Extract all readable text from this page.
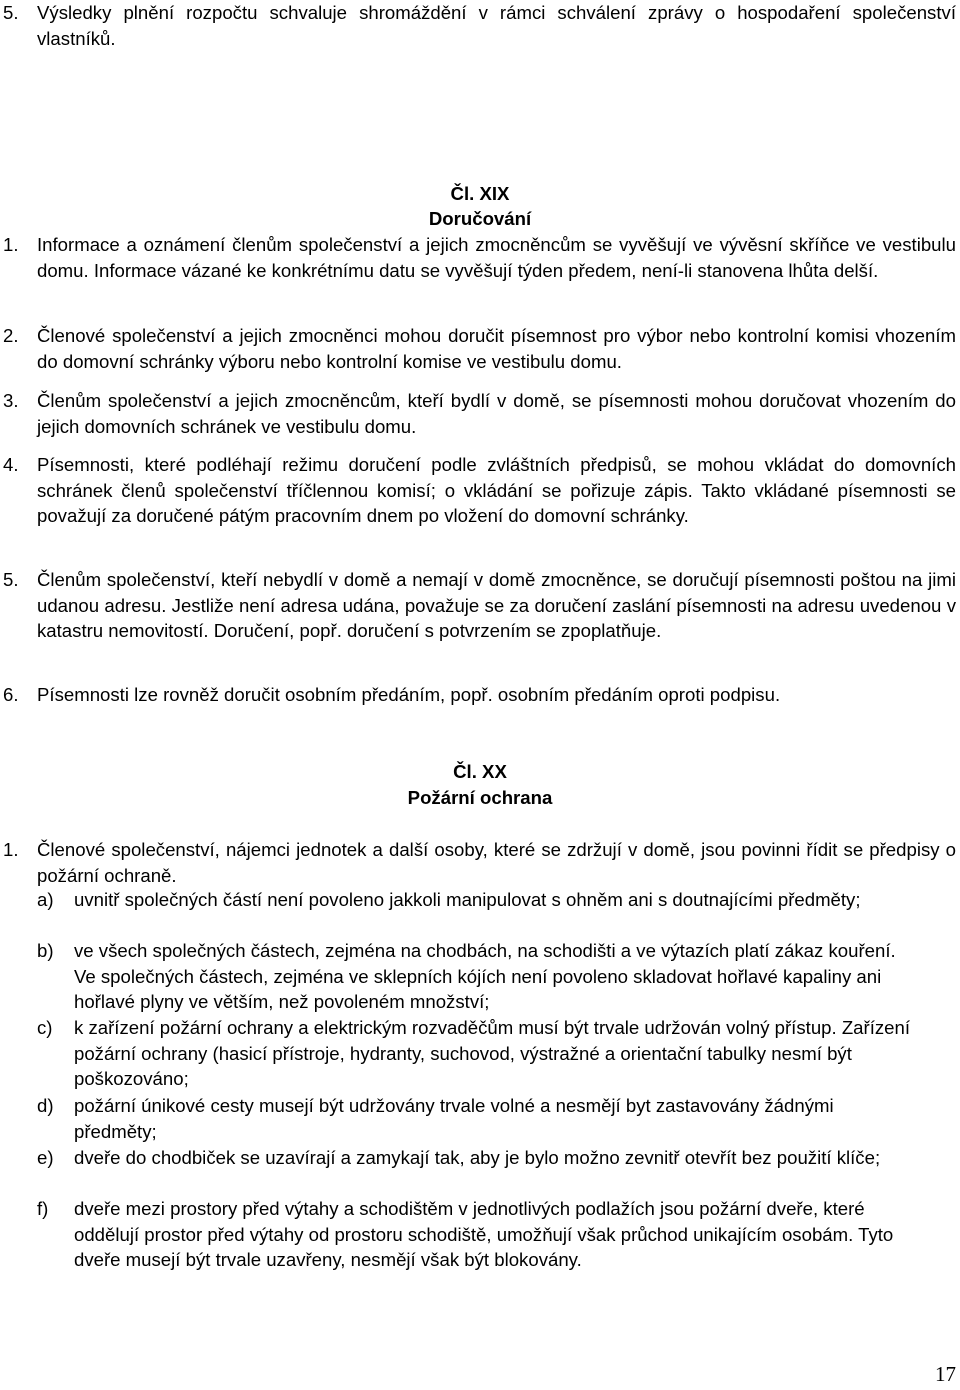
5. Výsledky plnění rozpočtu schvaluje shromáždění v rámci schválení zprávy o hospodaření společenství vlastníků.
Čl. XIX
Doručování
1. Informace a oznámení členům společenství a jejich zmocněncům se vyvěšují ve vývěsní skříňce ve vestibulu domu. Informace vázané ke konkrétnímu datu se vyvěšují týden předem, není-li stanovena lhůta delší.
2. Členové společenství a jejich zmocněnci mohou doručit písemnost pro výbor nebo kontrolní komisi vhozením do domovní schránky výboru nebo kontrolní komise ve vestibulu domu.
3. Členům společenství a jejich zmocněncům, kteří bydlí v domě, se písemnosti mohou doručovat vhozením do jejich domovních schránek ve vestibulu domu.
4. Písemnosti, které podléhají režimu doručení podle zvláštních předpisů, se mohou vkládat do domovních schránek členů společenství tříčlennou komisí; o vkládání se pořizuje zápis. Takto vkládané písemnosti se považují za doručené pátým pracovním dnem po vložení do domovní schránky.
5. Členům společenství, kteří nebydlí v domě a nemají v domě zmocněnce, se doručují písemnosti poštou na jimi udanou adresu. Jestliže není adresa udána, považuje se za doručení zaslání písemnosti na adresu uvedenou v katastru nemovitostí. Doručení, popř. doručení s potvrzením se zpoplatňuje.
6. Písemnosti lze rovněž doručit osobním předáním, popř. osobním předáním oproti podpisu.
Čl. XX
Požární ochrana
1. Členové společenství, nájemci jednotek a další osoby, které se zdržují v domě, jsou povinni řídit se předpisy o požární ochraně.
a) uvnitř společných částí není povoleno jakkoli manipulovat s ohněm ani s doutnajícími předměty;
b) ve všech společných částech, zejména na chodbách, na schodišti a ve výtazích platí zákaz kouření. Ve společných částech, zejména ve sklepních kójích není povoleno skladovat hořlavé kapaliny ani hořlavé plyny ve větším, než povoleném množství;
c) k zařízení požární ochrany a elektrickým rozvaděčům musí být trvale udržován volný přístup. Zařízení požární ochrany (hasicí přístroje, hydranty, suchovod, výstražné a orientační tabulky nesmí být poškozováno;
d) požární únikové cesty musejí být udržovány trvale volné a nesmějí byt zastavovány žádnými předměty;
e) dveře do chodbiček se uzavírají a zamykají tak, aby je bylo možno zevnitř otevřít bez použití klíče;
f) dveře mezi prostory před výtahy a schodištěm v jednotlivých podlažích jsou požární dveře, které oddělují prostor před výtahy od prostoru schodiště, umožňují však průchod unikajícím osobám. Tyto dveře musejí být trvale uzavřeny, nesmějí však být blokovány.
17
